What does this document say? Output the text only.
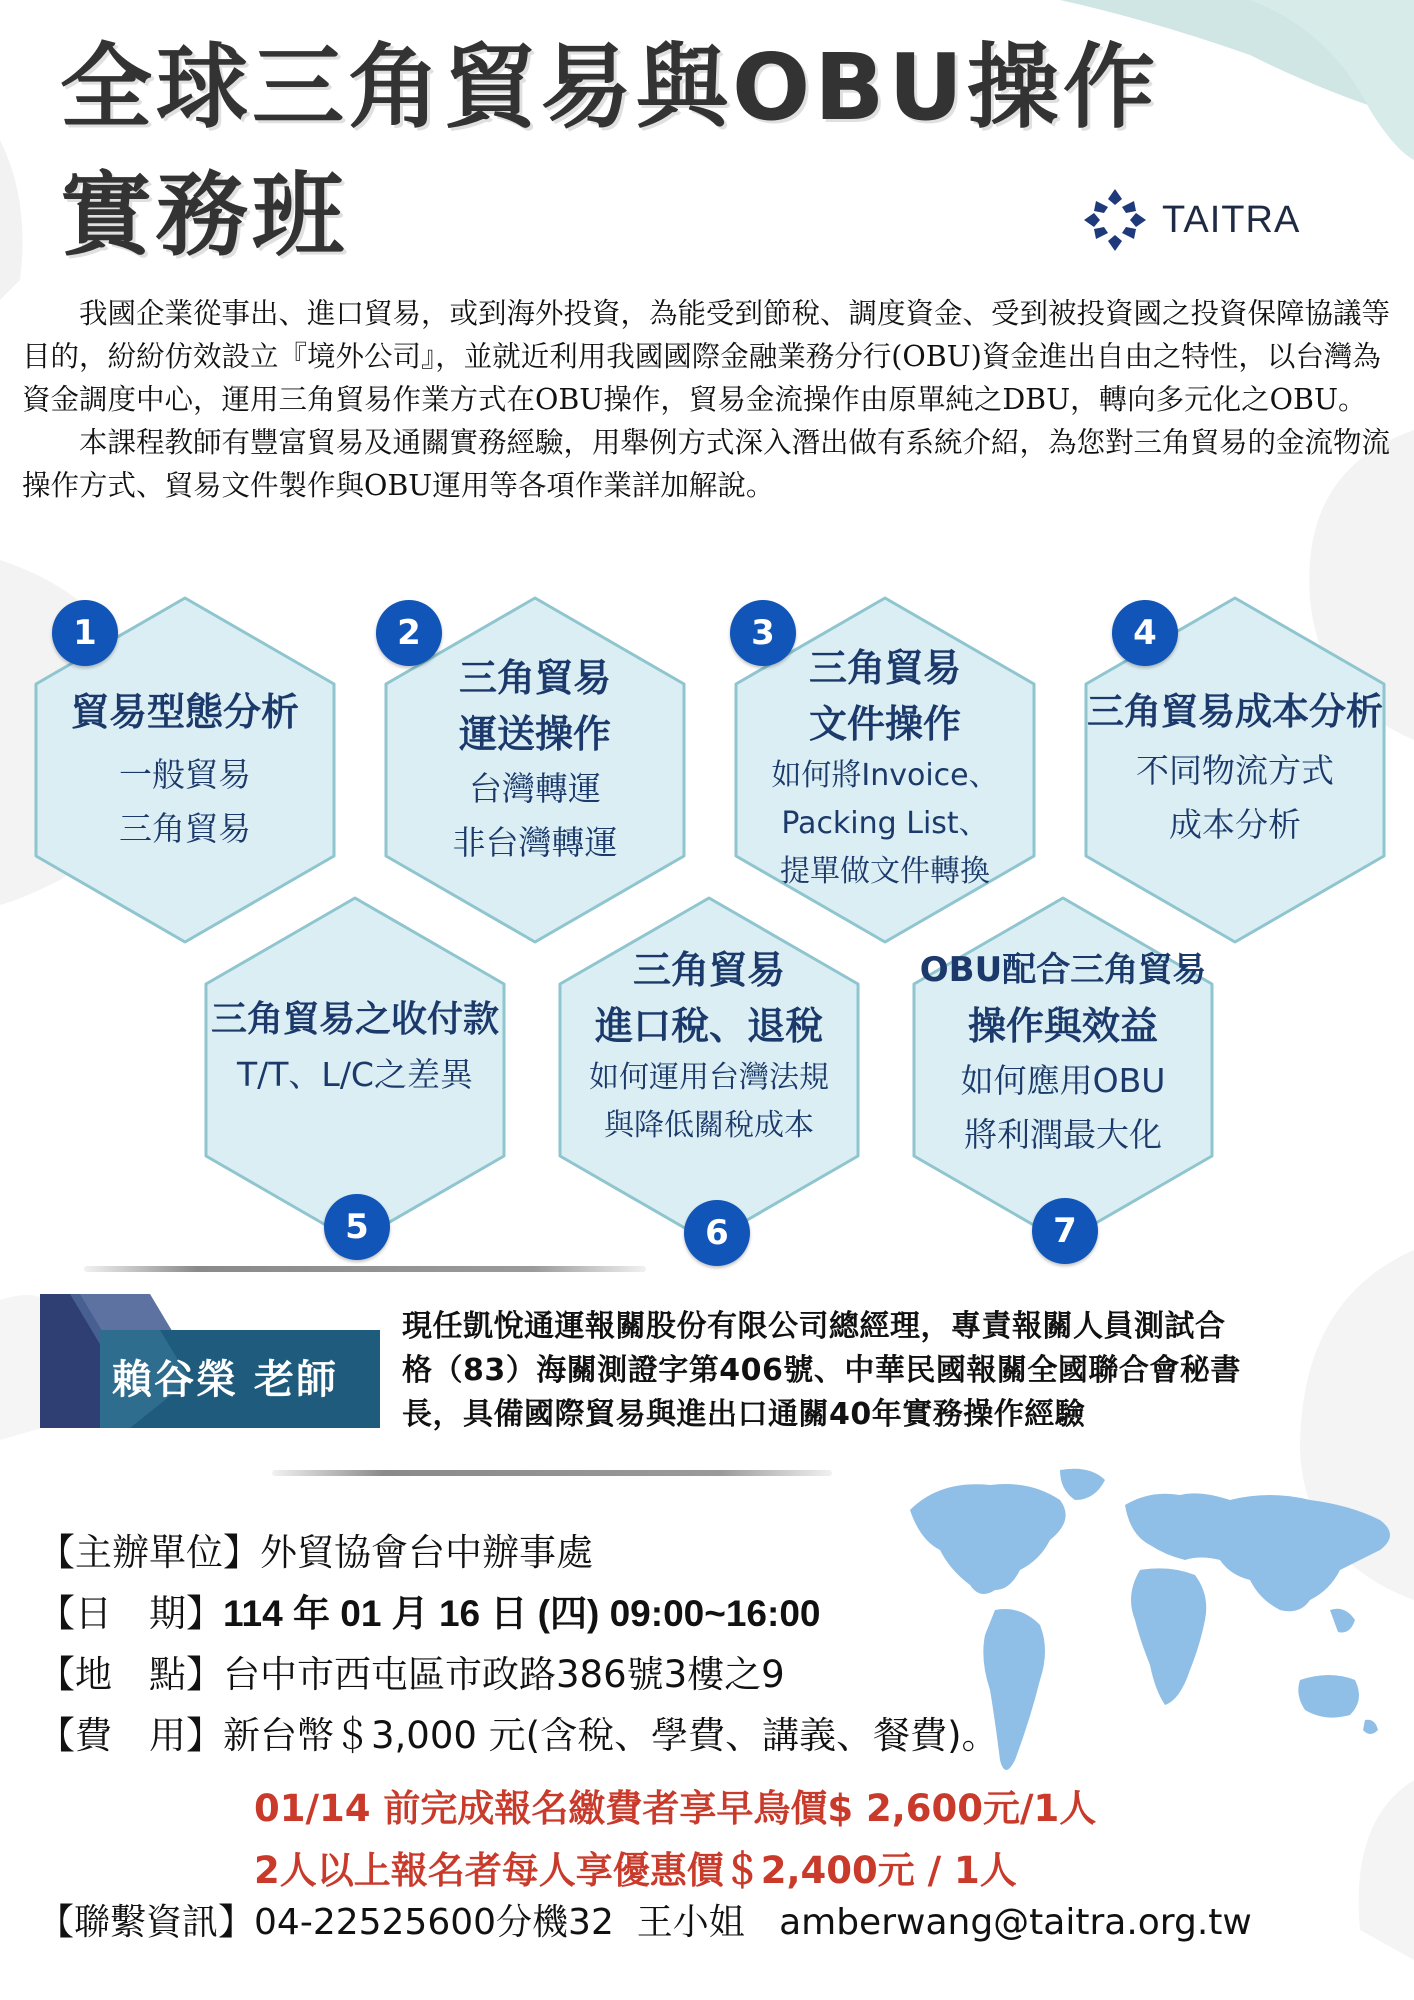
全球三角貿易與OBU操作
實務班	TAITRA

我國企業從事出、進口貿易，或到海外投資，為能受到節稅、調度資金、受到被投資國之投資保障協議等目的，紛紛仿效設立『境外公司』，並就近利用我國國際金融業務分行(OBU)資金進出自由之特性，以台灣為資金調度中心，運用三角貿易作業方式在OBU操作，貿易金流操作由原單純之DBU，轉向多元化之OBU。

本課程教師有豐富貿易及通關實務經驗，用舉例方式深入潛出做有系統介紹，為您對三角貿易的金流物流操作方式、貿易文件製作與OBU運用等各項作業詳加解說。

貿易型態分析
一般貿易
三角貿易
1
三角貿易
運送操作
台灣轉運
非台灣轉運
2
三角貿易
文件操作
如何將Invoice、
Packing List、
提單做文件轉換
3
三角貿易成本分析
不同物流方式
成本分析
4
三角貿易之收付款
T/T、L/C之差異
5
三角貿易
進口稅、退稅
如何運用台灣法規
與降低關稅成本
6
OBU配合三角貿易
操作與效益
如何應用OBU
將利潤最大化
7
賴谷榮 老師
現任凱悅通運報關股份有限公司總經理，專責報關人員測試合
格（83）海關測證字第406號、中華民國報關全國聯合會秘書
長，具備國際貿易與進出口通關40年實務操作經驗
【主辦單位】外貿協會台中辦事處
【日　期】114 年 01 月 16 日 (四) 09:00~16:00
【地　點】台中市西屯區市政路386號3樓之9
【費　用】新台幣＄3,000 元(含稅、學費、講義、餐費)。
01/14 前完成報名繳費者享早鳥價$ 2,600元/1人
2人以上報名者每人享優惠價＄2,400元 / 1人
【聯繫資訊】04-22525600分機32  王小姐   amberwang@taitra.org.tw
